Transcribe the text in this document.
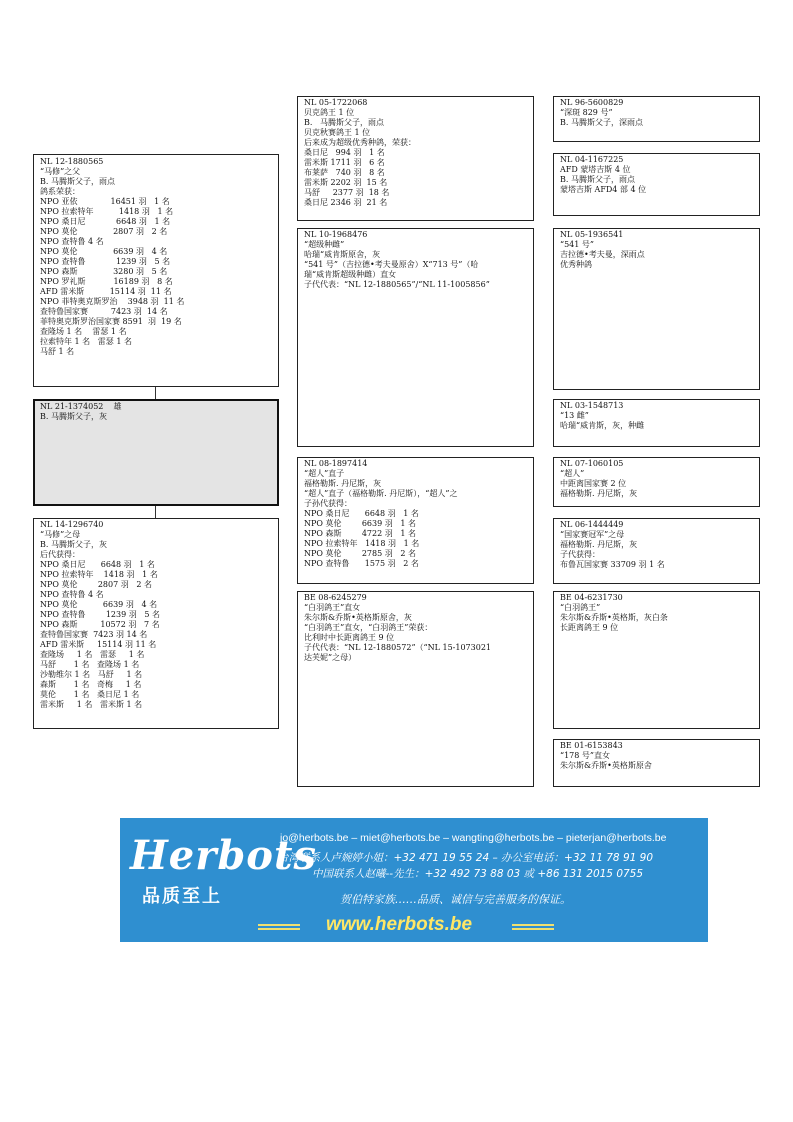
NL 12-1880565
“马修”之父
B. 马腾斯父子，雨点
鸽系荣获：
NPO 亚依             16451 羽   1 名
NPO 拉索特年          1418 羽   1 名
NPO 桑日尼            6648 羽   1 名
NPO 莫伦              2807 羽   2 名
NPO 查特鲁 4 名
NPO 莫伦              6639 羽   4 名
NPO 查特鲁            1239 羽   5 名
NPO 森斯              3280 羽   5 名
NPO 罗礼斯           16189 羽   8 名
AFD 雷米斯          15114 羽  11 名
NPO 菲特奥克斯罗治    3948 羽  11 名
查特鲁国家赛         7423 羽  14 名
菲特奥克斯罗治国家赛 8591  羽  19 名
查隆场 1 名    雷瑟 1 名
拉索特年 1 名   雷瑟 1 名
马舒 1 名
NL 21-1374052    雄
B. 马腾斯父子，灰
NL 14-1296740
“马修”之母
B. 马腾斯父子，灰
后代获得：
NPO 桑日尼      6648 羽   1 名
NPO 拉索特年    1418 羽   1 名
NPO 莫伦        2807 羽   2 名
NPO 查特鲁 4 名
NPO 莫伦          6639 羽   4 名
NPO 查特鲁        1239 羽   5 名
NPO 森斯         10572 羽   7 名
查特鲁国家赛  7423 羽 14 名
AFD 雷米斯     15114 羽 11 名
查隆场     1 名   雷瑟     1 名
马舒       1 名   查隆场 1 名
沙勒维尔 1 名   马舒     1 名
森斯       1 名   奇梅     1 名
莫伦       1 名   桑日尼 1 名
雷米斯     1 名   雷米斯 1 名
NL 05-1722068
贝克鸽王 1 位
B.   马腾斯父子，雨点
贝克秋赛鸽王 1 位
后来成为超级优秀种鸽，荣获：
桑日尼   994 羽   1 名
雷米斯 1711 羽   6 名
布莱萨   740 羽   8 名
雷米斯 2202 羽  15 名
马舒     2377 羽  18 名
桑日尼 2346 羽  21 名
NL 10-1968476
“超级种雌”
哈瑞“威肯斯原舍，灰
“541 号”（吉拉德•考夫曼原舍）X“713 号”（哈
瑞“威肯斯超级种雌）直女
子代代表：“NL 12-1880565”/“NL 11-1005856”
NL 08-1897414
“超人”直子
福格勒斯. 丹尼斯，灰
“超人”直子（福格勒斯. 丹尼斯），“超人”之
子孙代获得：
NPO 桑日尼      6648 羽   1 名
NPO 莫伦        6639 羽   1 名
NPO 森斯        4722 羽   1 名
NPO 拉索特年   1418 羽   1 名
NPO 莫伦        2785 羽   2 名
NPO 查特鲁      1575 羽   2 名
BE 08-6245279
“白羽鸽王”直女
朱尔斯&乔斯•英格斯原舍，灰
“白羽鸽王”直女，“白羽鸽王”荣获：
比利时中长距离鸽王 9 位
子代代表：“NL 12-1880572”（“NL 15-1073021
达芙妮”之母）
NL 96-5600829
“深斑 829 号”
B. 马腾斯父子，深雨点
NL 04-1167225
AFD 蒙塔吉斯 4 位
B. 马腾斯父子，雨点
蒙塔吉斯 AFD4 部 4 位
NL 05-1936541
“541 号”
吉拉德•考夫曼，深雨点
优秀种鸽
NL 03-1548713
“13 雌”
哈瑞“威肯斯，灰，种雌
NL 07-1060105
“超人”
中距离国家赛 2 位
福格勒斯. 丹尼斯，灰
NL 06-1444449
“国家赛冠军”之母
福格勒斯. 丹尼斯，灰
子代获得：
布鲁瓦国家赛 33709 羽 1 名
BE 04-6231730
“白羽鸽王”
朱尔斯&乔斯•英格斯，灰白条
长距离鸽王 9 位
BE 01-6153843
“178 号”直女
朱尔斯&乔斯•英格斯原舍
Herbots
品质至上
jo@herbots.be – miet@herbots.be – wangting@herbots.be – pieterjan@herbots.be
台湾联系人卢婉婷小姐：+32 471 19 55 24 – 办公室电话：+32 11 78 91 90
中国联系人赵曦--先生：+32 492 73 88 03 或 +86 131 2015 0755
贺伯特家族……品质、诚信与完善服务的保证。
www.herbots.be
